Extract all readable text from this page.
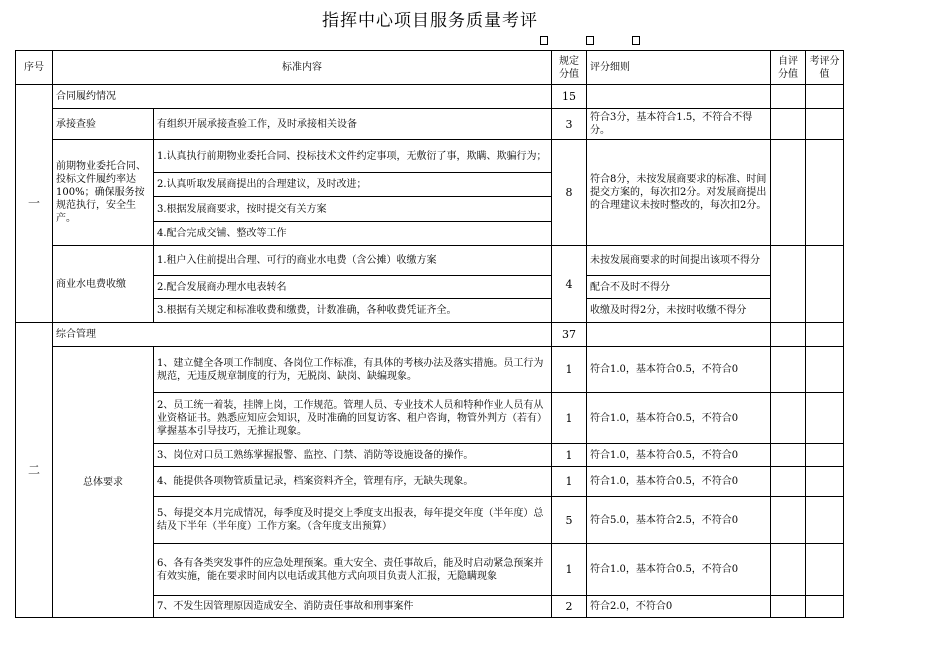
指挥中心项目服务质量考评
序号	标准内容		规定分值	评分细则	自评分值	考评分值
一	合同履约情况		15			
	承接查验	有组织开展承接查验工作，及时承接相关设备	3	符合3分，基本符合1.5，不符合不得分。		
	前期物业委托合同、投标文件履约率达100%；确保服务按规范执行，安全生产。	1.认真执行前期物业委托合同、投标技术文件约定事项，无敷衍了事，欺瞒、欺骗行为；	8	符合8分，未按发展商要求的标准、时间提交方案的，每次扣2分。对发展商提出的合理建议未按时整改的，每次扣2分。		
		2.认真听取发展商提出的合理建议，及时改进；				
		3.根据发展商要求，按时提交有关方案				
		4.配合完成交铺、整改等工作				
	商业水电费收缴	1.租户入住前提出合理、可行的商业水电费（含公摊）收缴方案	4	未按发展商要求的时间提出该项不得分		
		2.配合发展商办理水电表转名		配合不及时不得分		
		3.根据有关规定和标准收费和缴费，计数准确，各种收费凭证齐全。		收缴及时得2分，未按时收缴不得分		

二	综合管理		37			
	总体要求	1、建立健全各项工作制度、各岗位工作标准，有具体的考核办法及落实措施。员工行为规范，无违反规章制度的行为，无脱岗、缺岗、缺编现象。	1	符合1.0，基本符合0.5，不符合0		
		2、员工统一着装，挂牌上岗，工作规范。管理人员、专业技术人员和特种作业人员有从业资格证书。熟悉应知应会知识，及时准确的回复访客、租户咨询，物管外判方（若有）掌握基本引导技巧，无推让现象。	1	符合1.0，基本符合0.5，不符合0		
		3、岗位对口员工熟练掌握报警、监控、门禁、消防等设施设备的操作。	1	符合1.0，基本符合0.5，不符合0		
		4、能提供各项物管质量记录，档案资料齐全，管理有序，无缺失现象。	1	符合1.0，基本符合0.5，不符合0		
		5、每提交本月完成情况，每季度及时提交上季度支出报表，每年提交年度（半年度）总结及下半年（半年度）工作方案。（含年度支出预算）	5	符合5.0，基本符合2.5，不符合0		
		6、各有各类突发事件的应急处理预案。重大安全、责任事故后，能及时启动紧急预案并有效实施，能在要求时间内以电话或其他方式向项目负责人汇报，无隐瞒现象	1	符合1.0，基本符合0.5，不符合0		
		7、不发生因管理原因造成安全、消防责任事故和刑事案件	2	符合2.0，不符合0		
